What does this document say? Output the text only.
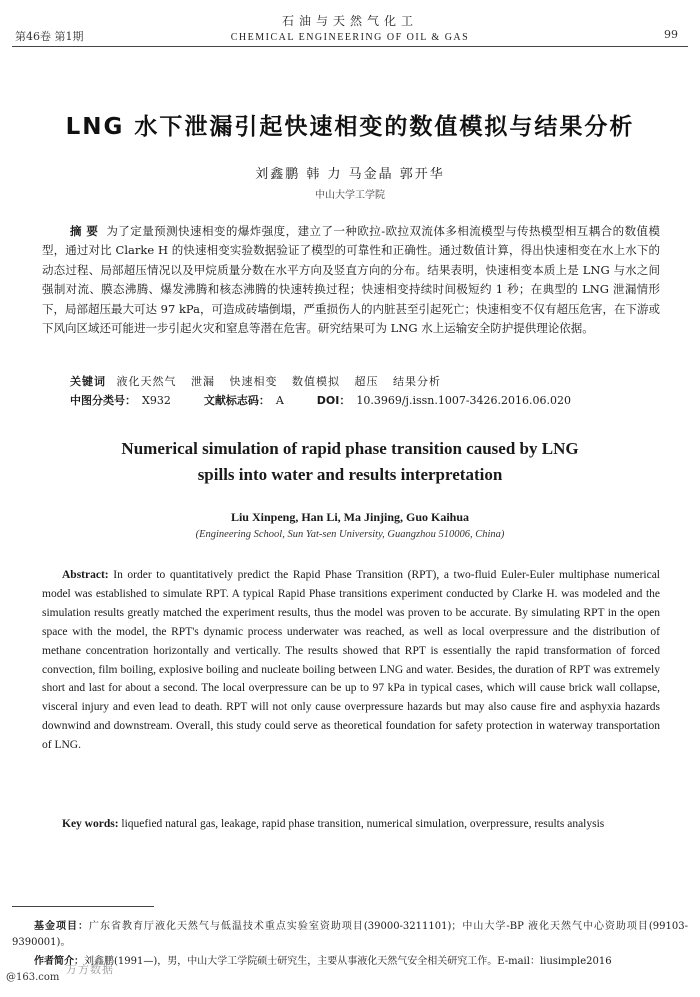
第46卷 第1期
石油与天然气化工
CHEMICAL ENGINEERING OF OIL & GAS	99
LNG 水下泄漏引起快速相变的数值模拟与结果分析
刘鑫鹏 韩 力 马金晶 郭开华
中山大学工学院
摘 要 为了定量预测快速相变的爆炸强度，建立了一种欧拉-欧拉双流体多相流模型与传热模型相互耦合的数值模型，通过对比 Clarke H 的快速相变实验数据验证了模型的可靠性和正确性。通过数值计算，得出快速相变在水上水下的动态过程、局部超压情况以及甲烷质量分数在水平方向及竖直方向的分布。结果表明，快速相变本质上是 LNG 与水之间强制对流、膜态沸腾、爆发沸腾和核态沸腾的快速转换过程；快速相变持续时间极短约 1 秒；在典型的 LNG 泄漏情形下，局部超压最大可达 97 kPa，可造成砖墙倒塌，严重损伤人的内脏甚至引起死亡；快速相变不仅有超压危害，在下游或下风向区域还可能进一步引起火灾和窒息等潜在危害。研究结果可为 LNG 水上运输安全防护提供理论依据。
关键词 液化天然气 泄漏 快速相变 数值模拟 超压 结果分析
中图分类号： X932	文献标志码： A	DOI： 10.3969/j.issn.1007-3426.2016.06.020
Numerical simulation of rapid phase transition caused by LNG
spills into water and results interpretation
Liu Xinpeng, Han Li, Ma Jinjing, Guo Kaihua
(Engineering School, Sun Yat-sen University, Guangzhou 510006, China)
Abstract: In order to quantitatively predict the Rapid Phase Transition (RPT), a two-fluid Euler-Euler multiphase numerical model was established to simulate RPT. A typical Rapid Phase transitions experiment conducted by Clarke H. was modeled and the simulation results greatly matched the experiment results, thus the model was proven to be accurate. By simulating RPT in the open space with the model, the RPT's dynamic process underwater was reached, as well as local overpressure and the distribution of methane concentration horizontally and vertically. The results showed that RPT is essentially the rapid transformation of forced convection, film boiling, explosive boiling and nucleate boiling between LNG and water. Besides, the duration of RPT was extremely short and last for about a second. The local overpressure can be up to 97 kPa in typical cases, which will cause brick wall collapse, visceral injury and even lead to death. RPT will not only cause overpressure hazards but may also cause fire and asphyxia hazards downwind and downstream. Overall, this study could serve as theoretical foundation for safety protection in waterway transportation of LNG.
Key words: liquefied natural gas, leakage, rapid phase transition, numerical simulation, overpressure, results analysis
基金项目：广东省教育厅液化天然气与低温技术重点实验室资助项目(39000-3211101)；中山大学-BP 液化天然气中心资助项目(99103-9390001)。
作者简介：刘鑫鹏(1991—)，男，中山大学工学院硕士研究生，主要从事液化天然气安全相关研究工作。E-mail：liusimple2016
@163.com
万方数据
